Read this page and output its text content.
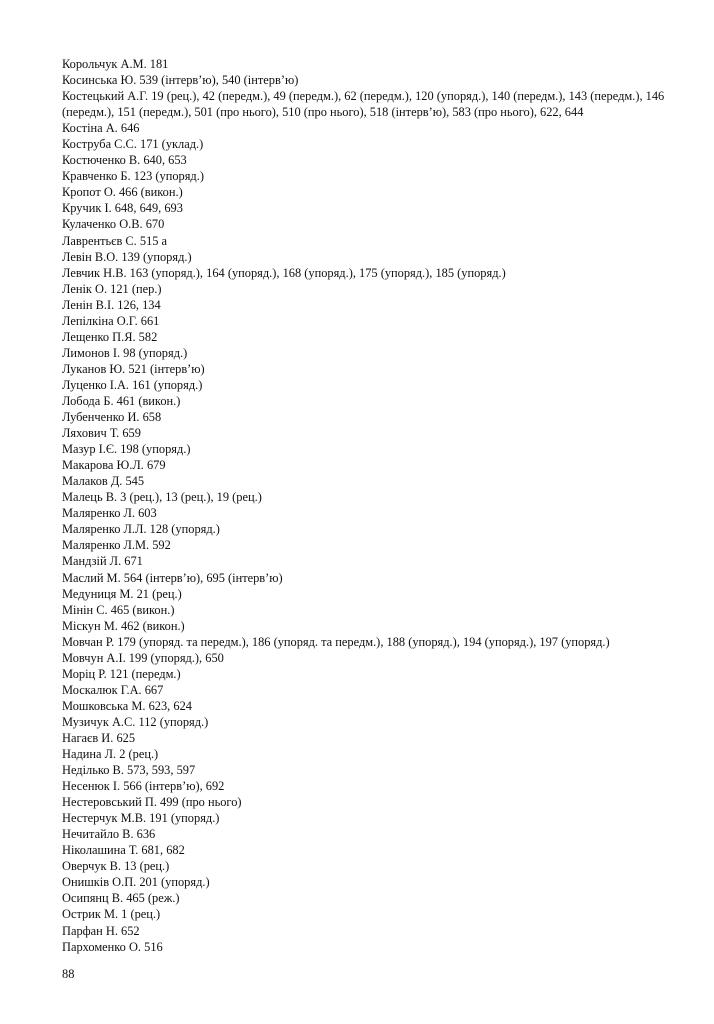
Корольчук А.М. 181
Косинська Ю. 539 (інтерв’ю), 540 (інтерв’ю)
Костецький А.Г. 19 (рец.), 42 (передм.), 49 (передм.), 62 (передм.), 120 (упоряд.), 140 (передм.), 143 (передм.), 146 (передм.), 151 (передм.), 501 (про нього), 510 (про нього), 518 (інтерв’ю), 583 (про нього), 622, 644
Костіна А. 646
Коструба С.С. 171 (уклад.)
Костюченко В. 640, 653
Кравченко Б. 123 (упоряд.)
Кропот О. 466 (викон.)
Кручик І. 648, 649, 693
Кулаченко О.В. 670
Лаврентьєв С. 515 а
Левін В.О. 139 (упоряд.)
Левчик Н.В. 163 (упоряд.), 164 (упоряд.), 168 (упоряд.), 175 (упоряд.), 185 (упоряд.)
Ленік О. 121 (пер.)
Ленін В.І. 126, 134
Лепілкіна О.Г. 661
Лещенко П.Я. 582
Лимонов І. 98 (упоряд.)
Луканов Ю. 521 (інтерв’ю)
Луценко І.А. 161 (упоряд.)
Лобода Б. 461 (викон.)
Лубенченко И. 658
Ляхович Т. 659
Мазур І.Є. 198 (упоряд.)
Макарова Ю.Л. 679
Малаков Д. 545
Малець В. 3 (рец.), 13 (рец.), 19 (рец.)
Маляренко Л. 603
Маляренко Л.Л. 128 (упоряд.)
Маляренко Л.М. 592
Мандзій Л. 671
Маслий М. 564 (інтерв’ю), 695 (інтерв’ю)
Медуниця М. 21 (рец.)
Мінін С. 465 (викон.)
Міскун М. 462 (викон.)
Мовчан Р. 179 (упоряд. та передм.), 186 (упоряд. та передм.), 188 (упоряд.), 194 (упоряд.), 197 (упоряд.)
Мовчун А.І. 199 (упоряд.), 650
Моріц Р. 121 (передм.)
Москалюк Г.А. 667
Мошковська М. 623, 624
Музичук А.С. 112 (упоряд.)
Нагаєв И. 625
Надина Л. 2 (рец.)
Неділько В. 573, 593, 597
Несенюк І. 566 (інтерв’ю), 692
Нестеровський П. 499 (про нього)
Нестерчук М.В. 191 (упоряд.)
Нечитайло В. 636
Ніколашина Т. 681, 682
Оверчук В. 13 (рец.)
Онишків О.П. 201 (упоряд.)
Осипянц В. 465 (реж.)
Острик М. 1 (рец.)
Парфан Н. 652
Пархоменко О. 516
88
